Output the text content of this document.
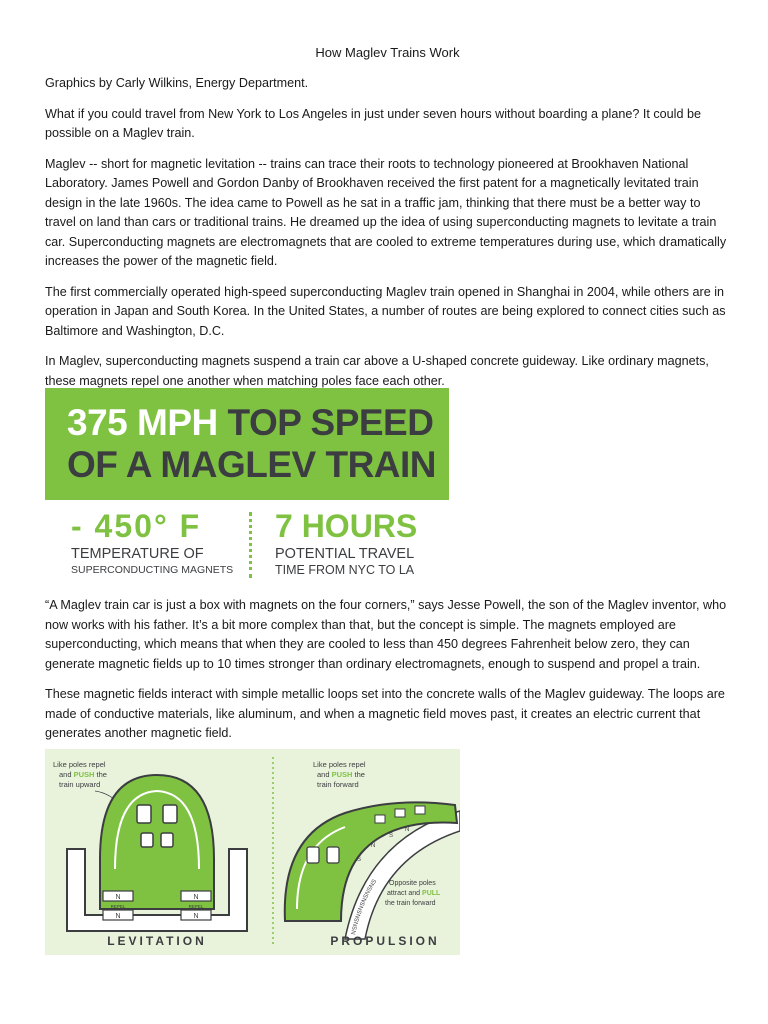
How Maglev Trains Work

Graphics by Carly Wilkins, Energy Department.

What if you could travel from New York to Los Angeles in just under seven hours without boarding a plane? It could be possible on a Maglev train.

Maglev -- short for magnetic levitation -- trains can trace their roots to technology pioneered at Brookhaven National Laboratory. James Powell and Gordon Danby of Brookhaven received the first patent for a magnetically levitated train design in the late 1960s. The idea came to Powell as he sat in a traffic jam, thinking that there must be a better way to travel on land than cars or traditional trains. He dreamed up the idea of using superconducting magnets to levitate a train car. Superconducting magnets are electromagnets that are cooled to extreme temperatures during use, which dramatically increases the power of the magnetic field.

The first commercially operated high-speed superconducting Maglev train opened in Shanghai in 2004, while others are in operation in Japan and South Korea. In the United States, a number of routes are being explored to connect cities such as Baltimore and Washington, D.C.

In Maglev, superconducting magnets suspend a train car above a U-shaped concrete guideway. Like ordinary magnets, these magnets repel one another when matching poles face each other.

375 MPH TOP SPEED
OF A MAGLEV TRAIN
- 450° F
TEMPERATURE OF
SUPERCONDUCTING MAGNETS
7 HOURS
POTENTIAL TRAVEL
TIME FROM NYC TO LA

“A Maglev train car is just a box with magnets on the four corners,” says Jesse Powell, the son of the Maglev inventor, who now works with his father. It’s a bit more complex than that, but the concept is simple. The magnets employed are superconducting, which means that when they are cooled to less than 450 degrees Fahrenheit below zero, they can generate magnetic fields up to 10 times stronger than ordinary electromagnets, enough to suspend and propel a train.

These magnetic fields interact with simple metallic loops set into the concrete walls of the Maglev guideway. The loops are made of conductive materials, like aluminum, and when a magnetic field moves past, it creates an electric current that generates another magnetic field.

Like poles repel
and PUSH the
train upward
N
REPEL
N
N
REPEL
N
LEVITATION
Like poles repel
and PUSH the
train forward
NSNSNSNSNSNSNS
S
N
S
N
Opposite poles
attract and PULL
the train forward
PROPULSION
